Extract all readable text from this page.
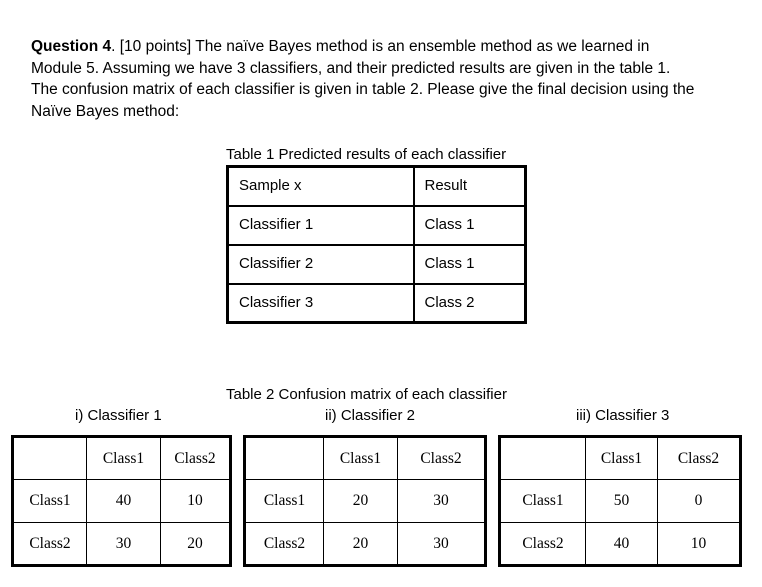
Question 4. [10 points] The naïve Bayes method is an ensemble method as we learned in
Module 5. Assuming we have 3 classifiers, and their predicted results are given in the table 1.
The confusion matrix of each classifier is given in table 2. Please give the final decision using the
Naïve Bayes method:
Table 1 Predicted results of each classifier
Sample x	Result
Classifier 1	Class 1
Classifier 2	Class 1
Classifier 3	Class 2
Table 2 Confusion matrix of each classifier
i) Classifier 1	ii) Classifier 2	iii) Classifier 3
	Class1	Class2
Class1	40	10
Class2	30	20
	Class1	Class2
Class1	20	30
Class2	20	30
	Class1	Class2
Class1	50	0
Class2	40	10
